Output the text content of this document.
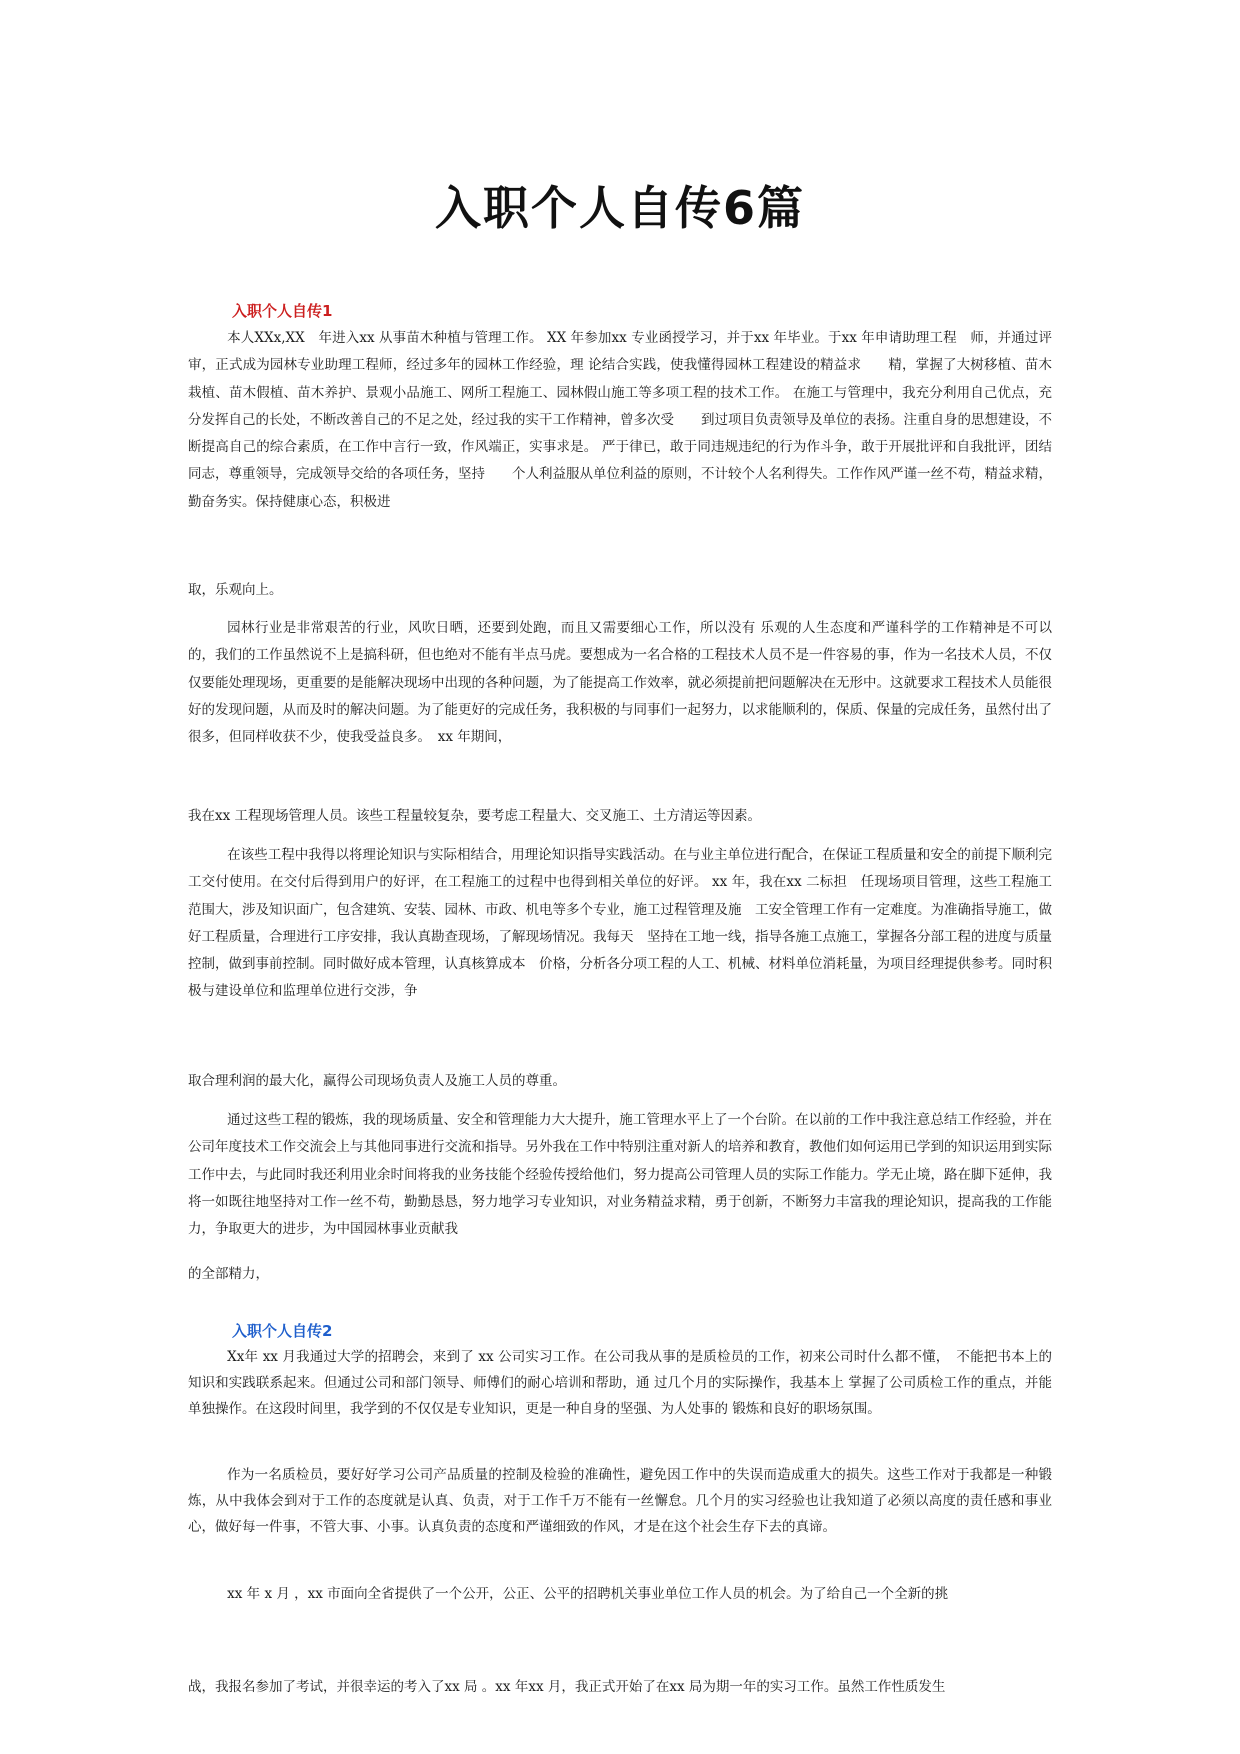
入职个人自传6篇
入职个人自传1

本人XXx,XX　年进入xx 从事苗木种植与管理工作。 XX 年参加xx 专业函授学习，并于xx 年毕业。于xx 年申请助理工程　师，并通过评审，正式成为园林专业助理工程师，经过多年的园林工作经验，理 论结合实践，使我懂得园林工程建设的精益求　　精，掌握了大树移植、苗木栽植、苗木假植、苗木养护、景观小品施工、网所工程施工、园林假山施工等多项工程的技术工作。 在施工与管理中，我充分利用自己优点，充分发挥自己的长处，不断改善自己的不足之处，经过我的实干工作精神，曾多次受　　到过项目负责领导及单位的表扬。注重自身的思想建设，不断提高自己的综合素质，在工作中言行一致，作风端正，实事求是。 严于律已，敢于同违规违纪的行为作斗争，敢于开展批评和自我批评，团结同志，尊重领导，完成领导交给的各项任务，坚持　　个人利益服从单位利益的原则，不计较个人名利得失。工作作风严谨一丝不苟，精益求精，勤奋务实。保持健康心态，积极进

取，乐观向上。

园林行业是非常艰苦的行业，风吹日晒，还要到处跑，而且又需要细心工作，所以没有 乐观的人生态度和严谨科学的工作精神是不可以的，我们的工作虽然说不上是搞科研，但也绝对不能有半点马虎。要想成为一名合格的工程技术人员不是一件容易的事，作为一名技术人员，不仅仅要能处理现场，更重要的是能解决现场中出现的各种问题，为了能提高工作效率，就必须提前把问题解决在无形中。这就要求工程技术人员能很好的发现问题，从而及时的解决问题。为了能更好的完成任务，我积极的与同事们一起努力，以求能顺利的，保质、保量的完成任务，虽然付出了很多，但同样收获不少，使我受益良多。　xx 年期间，

我在xx 工程现场管理人员。该些工程量较复杂，要考虑工程量大、交叉施工、土方清运等因素。

在该些工程中我得以将理论知识与实际相结合，用理论知识指导实践活动。在与业主单位进行配合，在保证工程质量和安全的前提下顺利完工交付使用。在交付后得到用户的好评，在工程施工的过程中也得到相关单位的好评。 xx 年，我在xx 二标担　任现场项目管理，这些工程施工范围大，涉及知识面广，包含建筑、安装、园林、市政、机电等多个专业，施工过程管理及施　工安全管理工作有一定难度。为准确指导施工，做好工程质量，合理进行工序安排，我认真勘查现场，了解现场情况。我每天　坚持在工地一线，指导各施工点施工，掌握各分部工程的进度与质量控制，做到事前控制。同时做好成本管理，认真核算成本　价格，分析各分项工程的人工、机械、材料单位消耗量，为项目经理提供参考。同时积极与建设单位和监理单位进行交涉，争

取合理利润的最大化，赢得公司现场负责人及施工人员的尊重。

通过这些工程的锻炼，我的现场质量、安全和管理能力大大提升，施工管理水平上了一个台阶。在以前的工作中我注意总结工作经验，并在公司年度技术工作交流会上与其他同事进行交流和指导。另外我在工作中特别注重对新人的培养和教育，教他们如何运用已学到的知识运用到实际工作中去，与此同时我还利用业余时间将我的业务技能个经验传授给他们，努力提高公司管理人员的实际工作能力。学无止境，路在脚下延伸，我将一如既往地坚持对工作一丝不苟，勤勤恳恳，努力地学习专业知识，对业务精益求精，勇于创新，不断努力丰富我的理论知识，提高我的工作能力，争取更大的进步，为中国园林事业贡献我

的全部精力，

入职个人自传2

Xx年 xx 月我通过大学的招聘会，来到了 xx 公司实习工作。在公司我从事的是质检员的工作，初来公司时什么都不懂，　不能把书本上的知识和实践联系起来。但通过公司和部门领导、师傅们的耐心培训和帮助，通 过几个月的实际操作，我基本上 掌握了公司质检工作的重点，并能单独操作。在这段时间里，我学到的不仅仅是专业知识，更是一种自身的坚强、为人处事的 锻炼和良好的职场氛围。

作为一名质检员，要好好学习公司产品质量的控制及检验的准确性，避免因工作中的失误而造成重大的损失。这些工作对于我都是一种锻炼，从中我体会到对于工作的态度就是认真、负责，对于工作千万不能有一丝懈怠。几个月的实习经验也让我知道了必须以高度的责任感和事业心，做好每一件事，不管大事、小事。认真负责的态度和严谨细致的作风，才是在这个社会生存下去的真谛。

xx 年 x 月 ，xx 市面向全省提供了一个公开，公正、公平的招聘机关事业单位工作人员的机会。为了给自己一个全新的挑

战，我报名参加了考试，并很幸运的考入了xx 局 。xx 年xx 月，我正式开始了在xx 局为期一年的实习工作。虽然工作性质发生
